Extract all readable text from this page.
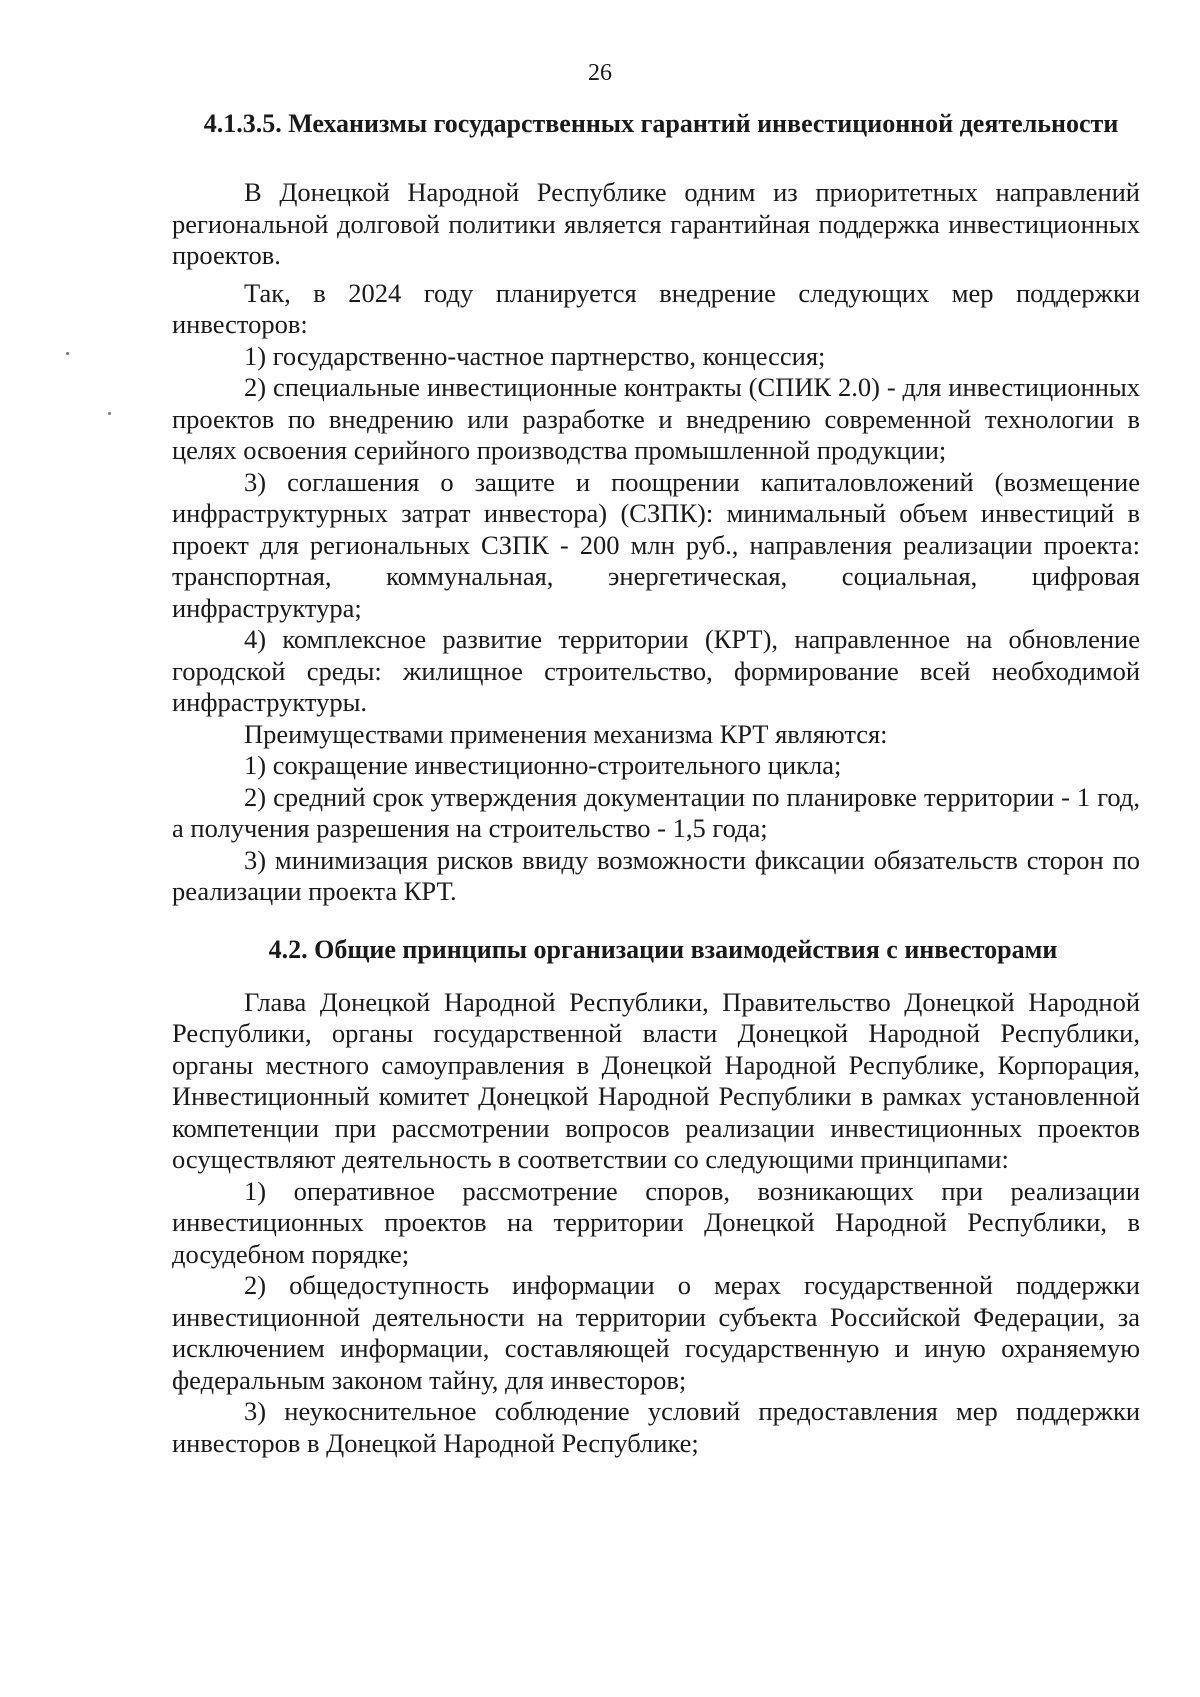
26
4.1.3.5. Механизмы государственных гарантий инвестиционной деятельности

В Донецкой Народной Республике одним из приоритетных направлений региональной долговой политики является гарантийная поддержка инвестиционных проектов.

Так, в 2024 году планируется внедрение следующих мер поддержки инвесторов:

1) государственно-частное партнерство, концессия;

2) специальные инвестиционные контракты (СПИК 2.0) - для инвестиционных проектов по внедрению или разработке и внедрению современной технологии в целях освоения серийного производства промышленной продукции;

3) соглашения о защите и поощрении капиталовложений (возмещение инфраструктурных затрат инвестора) (СЗПК): минимальный объем инвестиций в проект для региональных СЗПК - 200 млн руб., направления реализации проекта: транспортная, коммунальная, энергетическая, социальная, цифровая инфраструктура;

4) комплексное развитие территории (КРТ), направленное на обновление городской среды: жилищное строительство, формирование всей необходимой инфраструктуры.

Преимуществами применения механизма КРТ являются:

1) сокращение инвестиционно-строительного цикла;

2) средний срок утверждения документации по планировке территории - 1 год, а получения разрешения на строительство - 1,5 года;

3) минимизация рисков ввиду возможности фиксации обязательств сторон по реализации проекта КРТ.

4.2. Общие принципы организации взаимодействия с инвесторами

Глава Донецкой Народной Республики, Правительство Донецкой Народной Республики, органы государственной власти Донецкой Народной Республики, органы местного самоуправления в Донецкой Народной Республике, Корпорация, Инвестиционный комитет Донецкой Народной Республики в рамках установленной компетенции при рассмотрении вопросов реализации инвестиционных проектов осуществляют деятельность в соответствии со следующими принципами:

1) оперативное рассмотрение споров, возникающих при реализации инвестиционных проектов на территории Донецкой Народной Республики, в досудебном порядке;

2) общедоступность информации о мерах государственной поддержки инвестиционной деятельности на территории субъекта Российской Федерации, за исключением информации, составляющей государственную и иную охраняемую федеральным законом тайну, для инвесторов;

3) неукоснительное соблюдение условий предоставления мер поддержки инвесторов в Донецкой Народной Республике;
